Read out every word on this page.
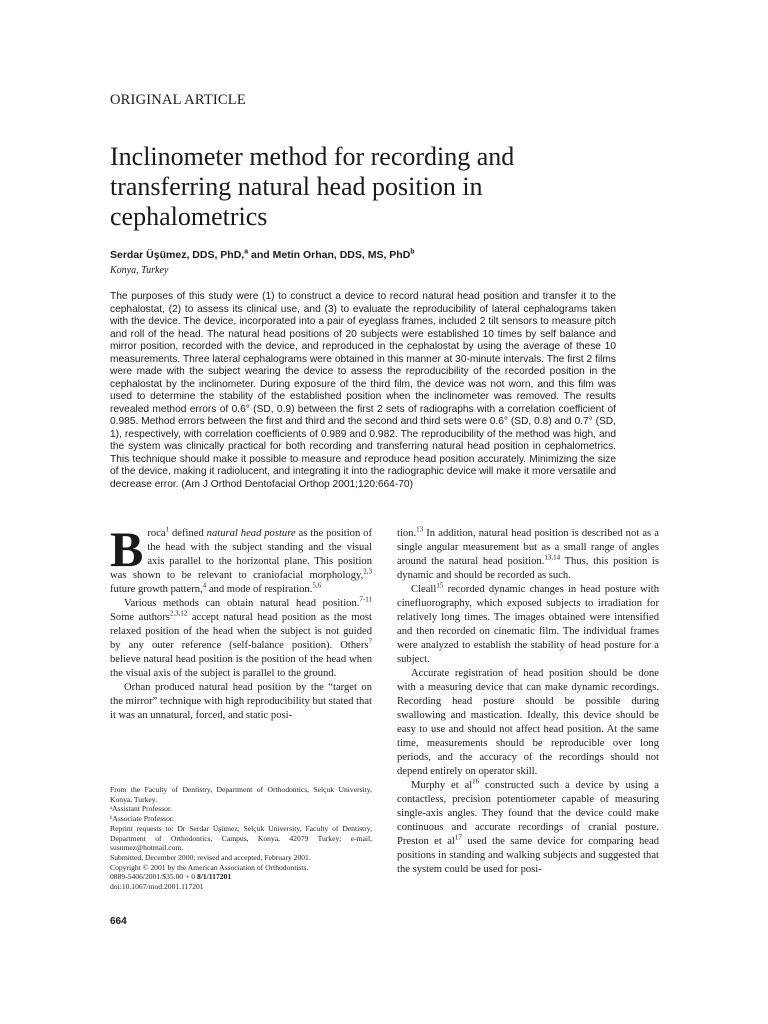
ORIGINAL ARTICLE
Inclinometer method for recording and transferring natural head position in cephalometrics
Serdar Üşümez, DDS, PhD,$^a$ and Metin Orhan, DDS, MS, PhD$^b$
Konya, Turkey

The purposes of this study were (1) to construct a device to record natural head position and transfer it to the cephalostat, (2) to assess its clinical use, and (3) to evaluate the reproducibility of lateral cephalograms taken with the device. The device, incorporated into a pair of eyeglass frames, included 2 tilt sensors to measure pitch and roll of the head. The natural head positions of 20 subjects were established 10 times by self balance and mirror position, recorded with the device, and reproduced in the cephalostat by using the average of these 10 measurements. Three lateral cephalograms were obtained in this manner at 30-minute intervals. The first 2 films were made with the subject wearing the device to assess the reproducibility of the recorded position in the cephalostat by the inclinometer. During exposure of the third film, the device was not worn, and this film was used to determine the stability of the established position when the inclinometer was removed. The results revealed method errors of 0.6° (SD, 0.9) between the first 2 sets of radiographs with a correlation coefficient of 0.985. Method errors between the first and third and the second and third sets were 0.6° (SD, 0.8) and 0.7° (SD, 1), respectively, with correlation coefficients of 0.989 and 0.982. The reproducibility of the method was high, and the system was clinically practical for both recording and transferring natural head position in cephalometrics. This technique should make it possible to measure and reproduce head position accurately. Minimizing the size of the device, making it radiolucent, and integrating it into the radiographic device will make it more versatile and decrease error. (Am J Orthod Dentofacial Orthop 2001;120:664-70)

Broca$^1$ defined natural head posture as the position of the head with the subject standing and the visual axis parallel to the horizontal plane. This position was shown to be relevant to craniofacial morphology,$^{2,3}$ future growth pattern,$^4$ and mode of respiration.$^{5,6}$

Various methods can obtain natural head position.$^{7-11}$ Some authors$^{2,3,12}$ accept natural head position as the most relaxed position of the head when the subject is not guided by any outer reference (self-balance position). Others$^7$ believe natural head position is the position of the head when the visual axis of the subject is parallel to the ground.

Orhan produced natural head position by the “target on the mirror” technique with high reproducibility but stated that it was an unnatural, forced, and static posi-

From the Faculty of Dentistry, Department of Orthodontics, Selçuk University, Konya, Turkey.
ᵃAssistant Professor.
ᵇAssociate Professor.
Reprint requests to: Dr Serdar Üşümez, Selçuk University, Faculty of Dentistry, Department of Orthodontics, Campus, Konya, 42079 Turkey; e-mail, susumez@hotmail.com.
Submitted, December 2000; revised and accepted, February 2001.
Copyright © 2001 by the American Association of Orthodontists.
0889-5406/2001/$35.00 + 0 8/1/117201
doi:10.1067/mod.2001.117201

tion.$^{13}$ In addition, natural head position is described not as a single angular measurement but as a small range of angles around the natural head position.$^{13,14}$ Thus, this position is dynamic and should be recorded as such.

Cleall$^{15}$ recorded dynamic changes in head posture with cinefluorography, which exposed subjects to irradiation for relatively long times. The images obtained were intensified and then recorded on cinematic film. The individual frames were analyzed to establish the stability of head posture for a subject.

Accurate registration of head position should be done with a measuring device that can make dynamic recordings. Recording head posture should be possible during swallowing and mastication. Ideally, this device should be easy to use and should not affect head position. At the same time, measurements should be reproducible over long periods, and the accuracy of the recordings should not depend entirely on operator skill.

Murphy et $al^{16}$ constructed such a device by using a contactless, precision potentiometer capable of measuring single-axis angles. They found that the device could make continuous and accurate recordings of cranial posture. Preston et $al^{17}$ used the same device for comparing head positions in standing and walking subjects and suggested that the system could be used for posi-

664
